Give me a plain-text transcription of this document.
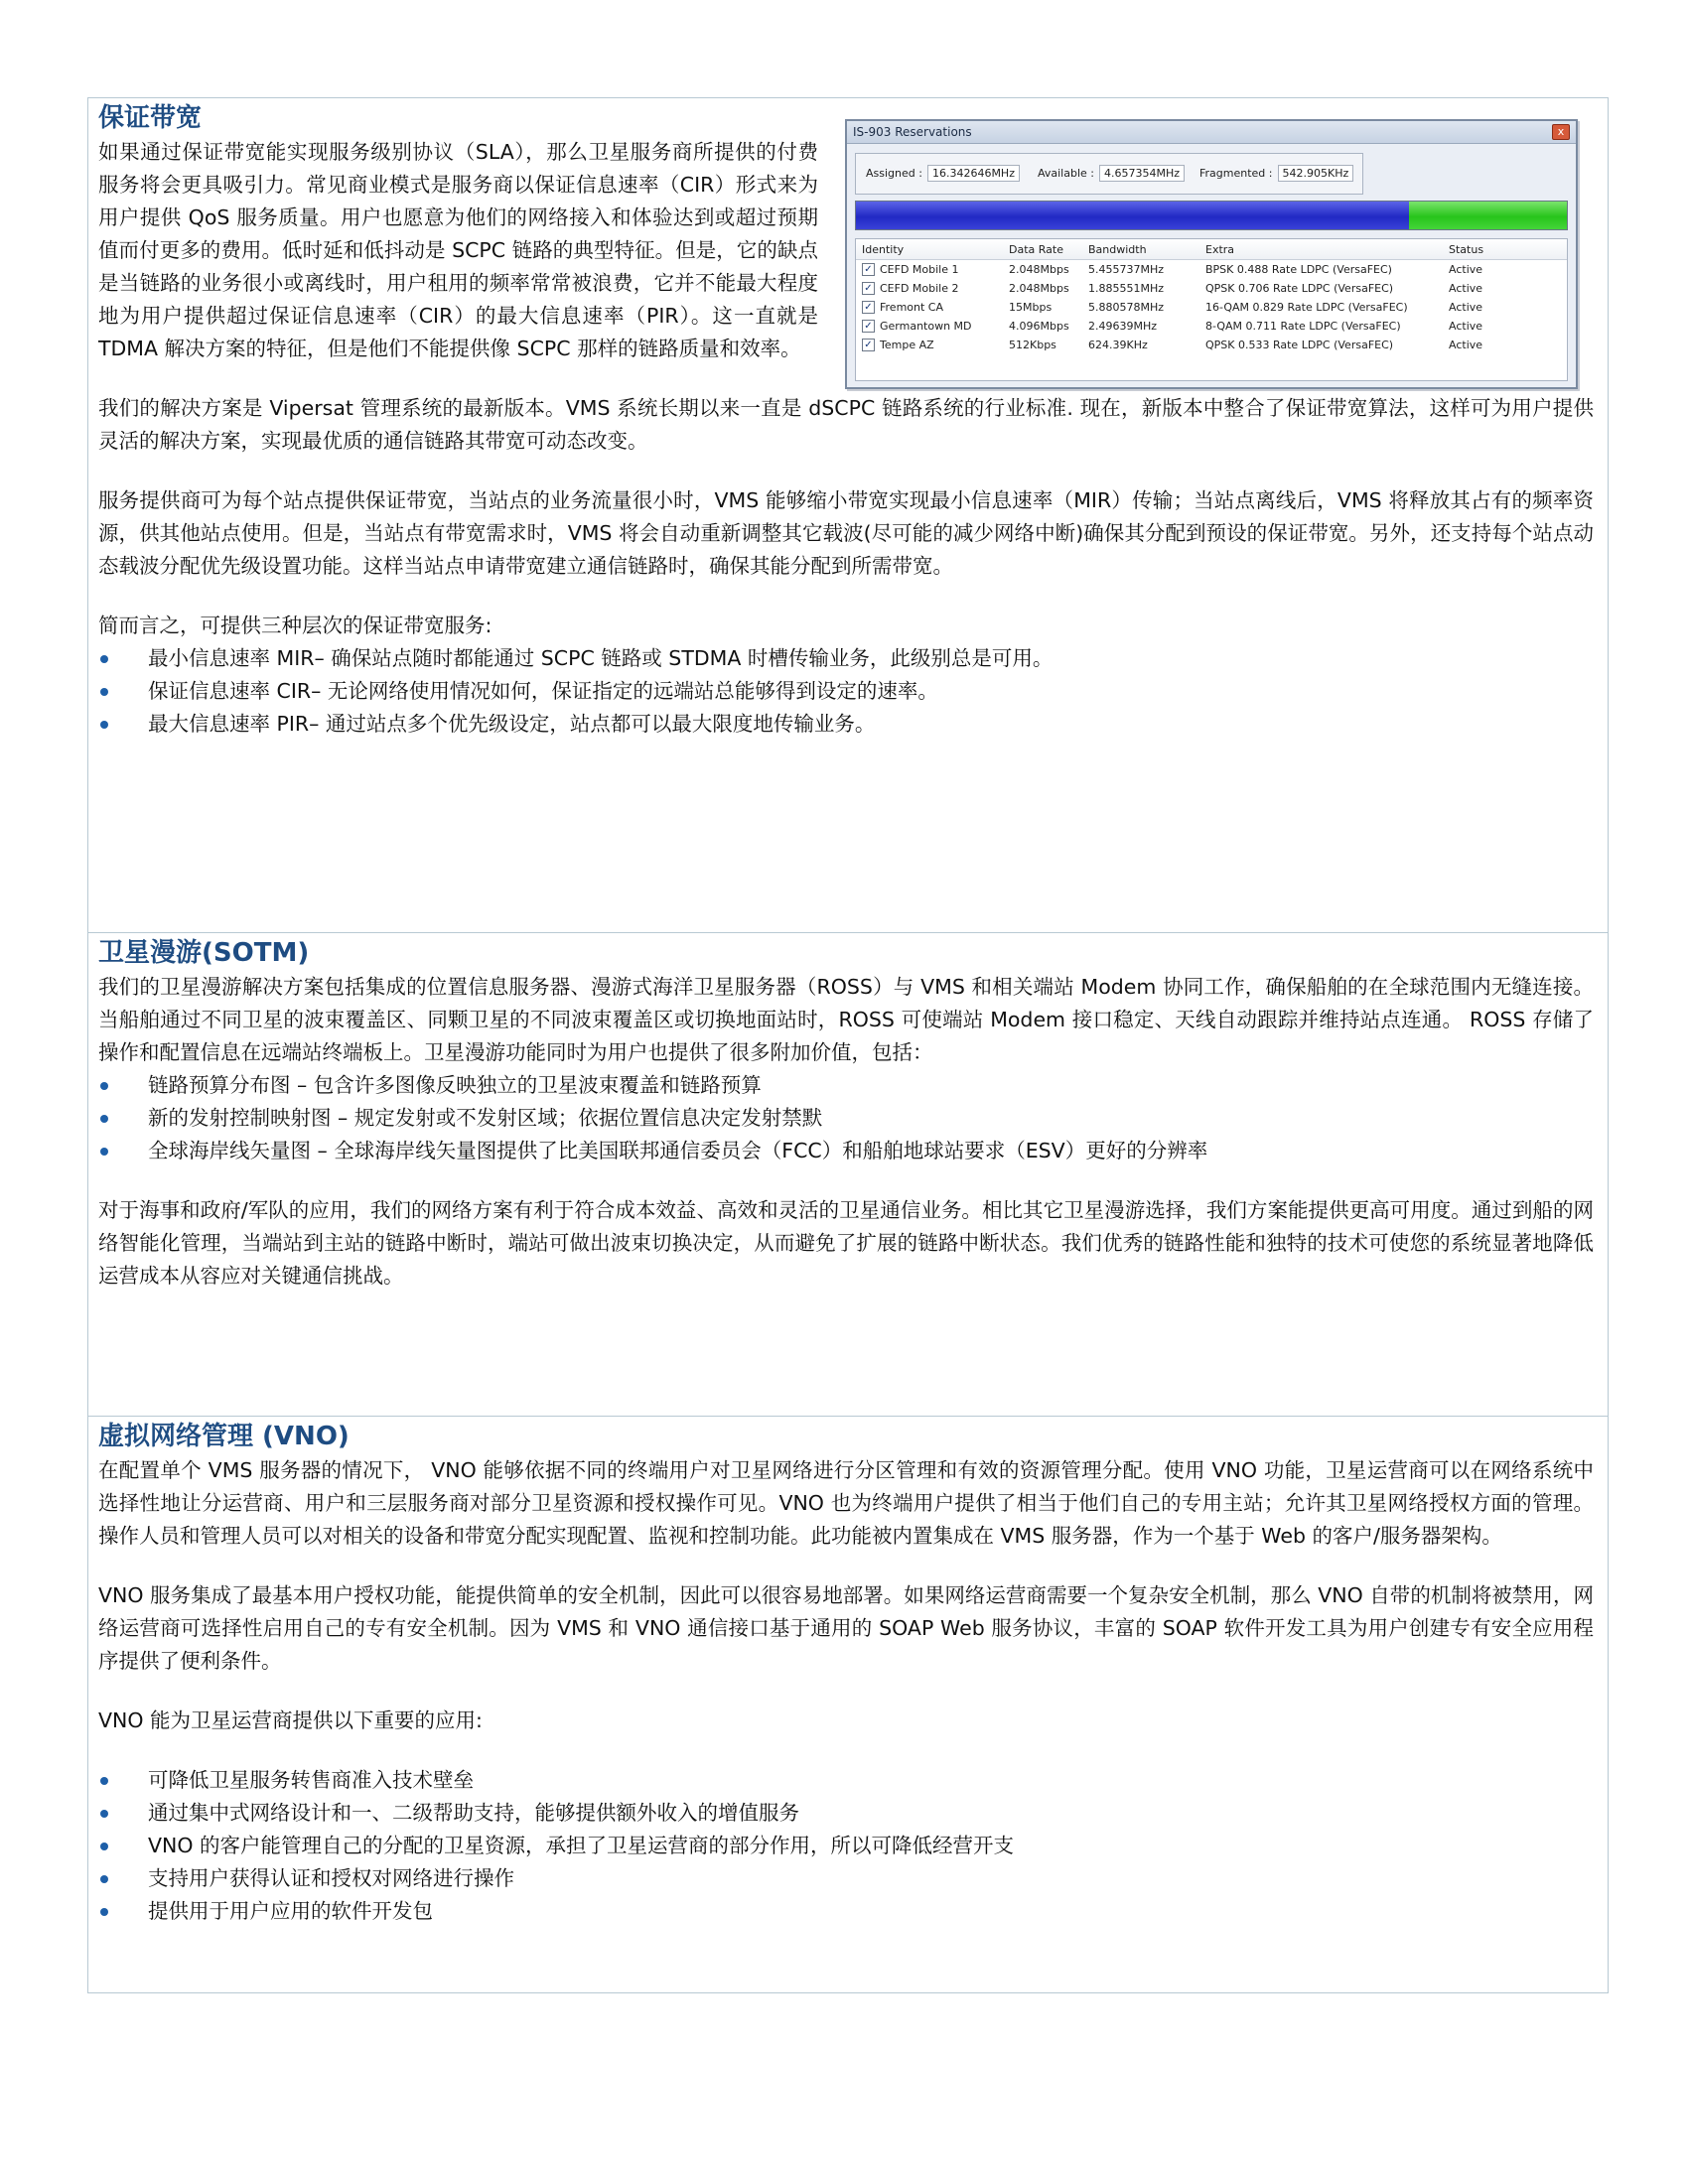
保证带宽

如果通过保证带宽能实现服务级别协议（SLA），那么卫星服务商所提供的付费服务将会更具吸引力。常见商业模式是服务商以保证信息速率（CIR）形式来为用户提供 QoS 服务质量。用户也愿意为他们的网络接入和体验达到或超过预期值而付更多的费用。低时延和低抖动是 SCPC 链路的典型特征。但是，它的缺点是当链路的业务很小或离线时，用户租用的频率常常被浪费，它并不能最大程度地为用户提供超过保证信息速率（CIR）的最大信息速率（PIR）。这一直就是 TDMA 解决方案的特征，但是他们不能提供像 SCPC 那样的链路质量和效率。

我们的解决方案是 Vipersat 管理系统的最新版本。VMS 系统长期以来一直是 dSCPC 链路系统的行业标准. 现在，新版本中整合了保证带宽算法，这样可为用户提供灵活的解决方案，实现最优质的通信链路其带宽可动态改变。

服务提供商可为每个站点提供保证带宽，当站点的业务流量很小时，VMS 能够缩小带宽实现最小信息速率（MIR）传输；当站点离线后，VMS 将释放其占有的频率资源，供其他站点使用。但是，当站点有带宽需求时，VMS 将会自动重新调整其它载波(尽可能的减少网络中断)确保其分配到预设的保证带宽。另外，还支持每个站点动态载波分配优先级设置功能。这样当站点申请带宽建立通信链路时，确保其能分配到所需带宽。

简而言之，可提供三种层次的保证带宽服务:

最小信息速率 MIR– 确保站点随时都能通过 SCPC 链路或 STDMA 时槽传输业务，此级别总是可用。
保证信息速率 CIR– 无论网络使用情况如何，保证指定的远端站总能够得到设定的速率。
最大信息速率 PIR– 通过站点多个优先级设定，站点都可以最大限度地传输业务。
IS-903 Reservations	x
Assigned : 16.342646MHz	Available : 4.657354MHz	Fragmented : 542.905KHz
Identity	Data Rate Bandwidth	Extra	Status
✓ CEFD Mobile 1	2.048Mbps 5.455737MHz	BPSK 0.488 Rate LDPC (VersaFEC)	Active
✓ CEFD Mobile 2	2.048Mbps 1.885551MHz	QPSK 0.706 Rate LDPC (VersaFEC)	Active
✓ Fremont CA	15Mbps	5.880578MHz	16-QAM 0.829 Rate LDPC (VersaFEC)	Active
✓ Germantown MD	4.096Mbps 2.49639MHz	8-QAM 0.711 Rate LDPC (VersaFEC)	Active
✓ Tempe AZ	512Kbps	624.39KHz	QPSK 0.533 Rate LDPC (VersaFEC)	Active
卫星漫游(SOTM)

我们的卫星漫游解决方案包括集成的位置信息服务器、漫游式海洋卫星服务器（ROSS）与 VMS 和相关端站 Modem 协同工作，确保船舶的在全球范围内无缝连接。当船舶通过不同卫星的波束覆盖区、同颗卫星的不同波束覆盖区或切换地面站时，ROSS 可使端站 Modem 接口稳定、天线自动跟踪并维持站点连通。 ROSS 存储了操作和配置信息在远端站终端板上。卫星漫游功能同时为用户也提供了很多附加价值，包括：

链路预算分布图 – 包含许多图像反映独立的卫星波束覆盖和链路预算
新的发射控制映射图 – 规定发射或不发射区域；依据位置信息决定发射禁默
全球海岸线矢量图 – 全球海岸线矢量图提供了比美国联邦通信委员会（FCC）和船舶地球站要求（ESV）更好的分辨率

对于海事和政府/军队的应用，我们的网络方案有利于符合成本效益、高效和灵活的卫星通信业务。相比其它卫星漫游选择，我们方案能提供更高可用度。通过到船的网络智能化管理，当端站到主站的链路中断时，端站可做出波束切换决定，从而避免了扩展的链路中断状态。我们优秀的链路性能和独特的技术可使您的系统显著地降低运营成本从容应对关键通信挑战。

虚拟网络管理 (VNO)

在配置单个 VMS 服务器的情况下， VNO 能够依据不同的终端用户对卫星网络进行分区管理和有效的资源管理分配。使用 VNO 功能，卫星运营商可以在网络系统中选择性地让分运营商、用户和三层服务商对部分卫星资源和授权操作可见。VNO 也为终端用户提供了相当于他们自己的专用主站；允许其卫星网络授权方面的管理。操作人员和管理人员可以对相关的设备和带宽分配实现配置、监视和控制功能。此功能被内置集成在 VMS 服务器，作为一个基于 Web 的客户/服务器架构。

VNO 服务集成了最基本用户授权功能，能提供简单的安全机制，因此可以很容易地部署。如果网络运营商需要一个复杂安全机制，那么 VNO 自带的机制将被禁用，网络运营商可选择性启用自己的专有安全机制。因为 VMS 和 VNO 通信接口基于通用的 SOAP Web 服务协议，丰富的 SOAP 软件开发工具为用户创建专有安全应用程序提供了便利条件。

VNO 能为卫星运营商提供以下重要的应用:

可降低卫星服务转售商准入技术壁垒
通过集中式网络设计和一、二级帮助支持，能够提供额外收入的增值服务
VNO 的客户能管理自己的分配的卫星资源，承担了卫星运营商的部分作用，所以可降低经营开支
支持用户获得认证和授权对网络进行操作
提供用于用户应用的软件开发包
